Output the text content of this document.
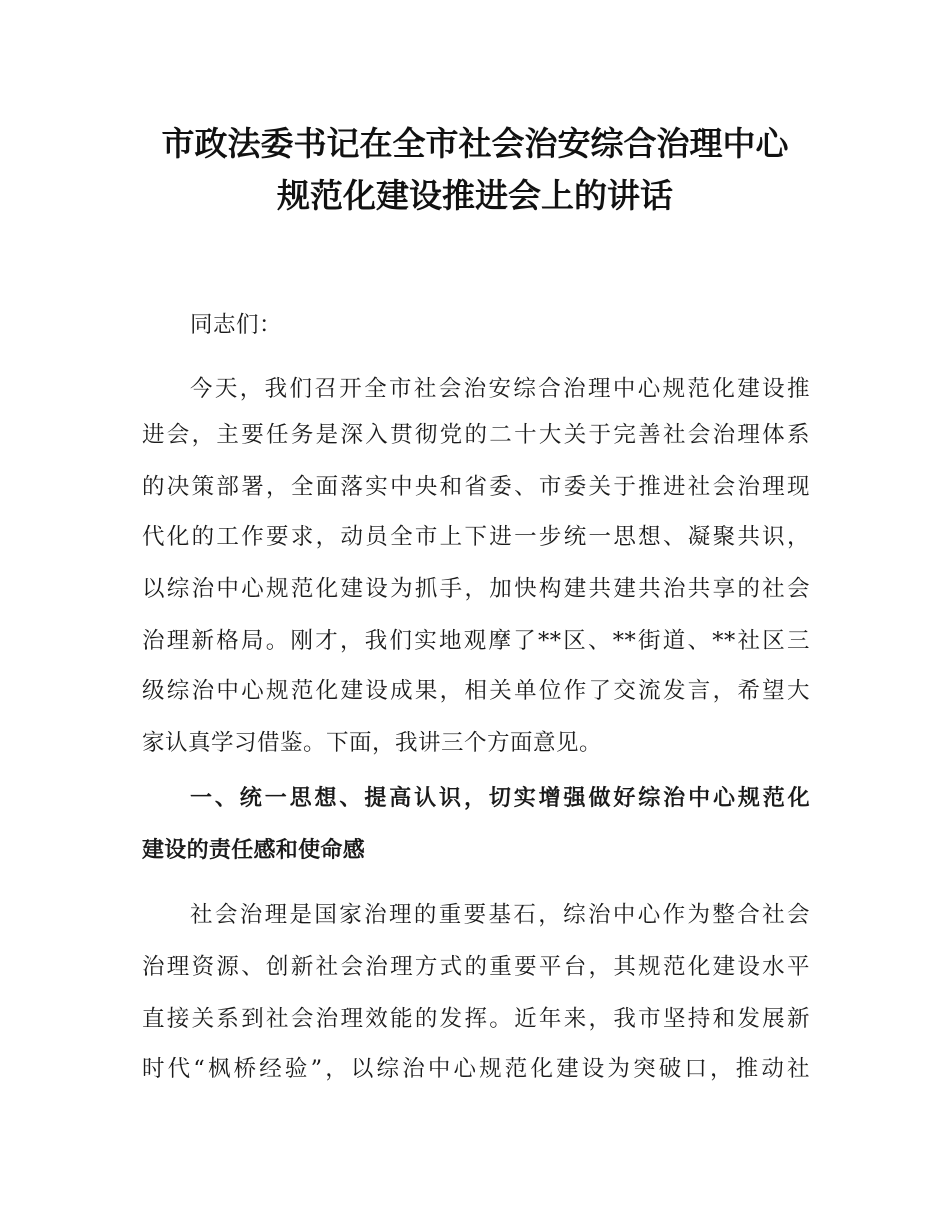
市政法委书记在全市社会治安综合治理中心
规范化建设推进会上的讲话
同志们：
今天，我们召开全市社会治安综合治理中心规范化建设推
进会，主要任务是深入贯彻党的二十大关于完善社会治理体系
的决策部署，全面落实中央和省委、市委关于推进社会治理现
代化的工作要求，动员全市上下进一步统一思想、凝聚共识，
以综治中心规范化建设为抓手，加快构建共建共治共享的社会
治理新格局。刚才，我们实地观摩了**区、**街道、**社区三
级综治中心规范化建设成果，相关单位作了交流发言，希望大
家认真学习借鉴。下面，我讲三个方面意见。
一、统一思想、提高认识，切实增强做好综治中心规范化
建设的责任感和使命感
社会治理是国家治理的重要基石，综治中心作为整合社会
治理资源、创新社会治理方式的重要平台，其规范化建设水平
直接关系到社会治理效能的发挥。近年来，我市坚持和发展新
时代“枫桥经验”，以综治中心规范化建设为突破口，推动社
